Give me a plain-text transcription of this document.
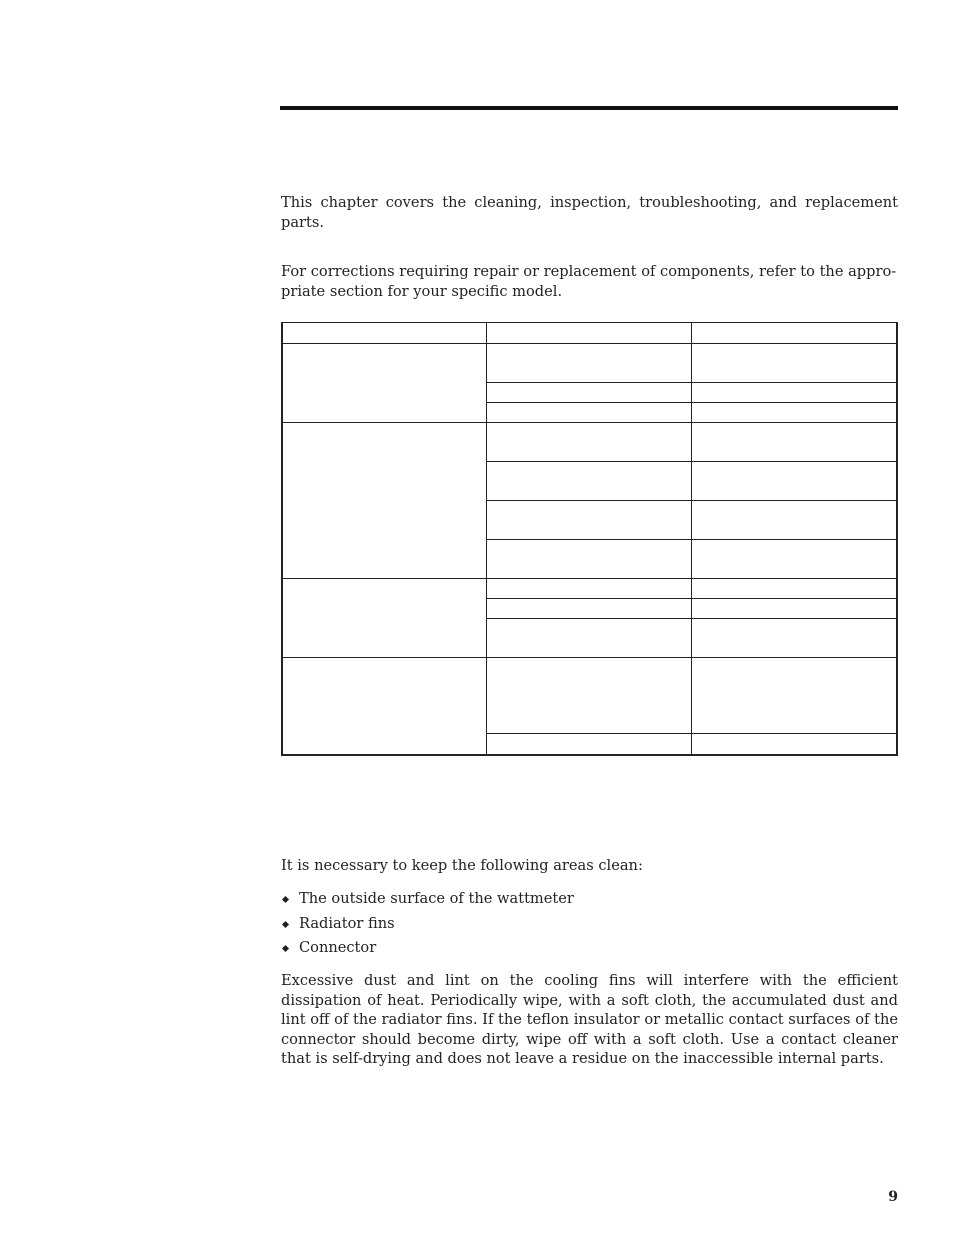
This chapter covers the cleaning, inspection, troubleshooting, and replacement parts.

For corrections requiring repair or replacement of components, refer to the appro-
priate section for your specific model.

It is necessary to keep the following areas clean:

The outside surface of the wattmeter
Radiator fins
Connector

Excessive dust and lint on the cooling fins will interfere with the efficient dissipation of heat. Periodically wipe, with a soft cloth, the accumulated dust and lint off of the radiator fins. If the teflon insulator or metallic contact surfaces of the connector should become dirty, wipe off with a soft cloth. Use a contact cleaner that is self-drying and does not leave a residue on the inaccessible internal parts.

9
